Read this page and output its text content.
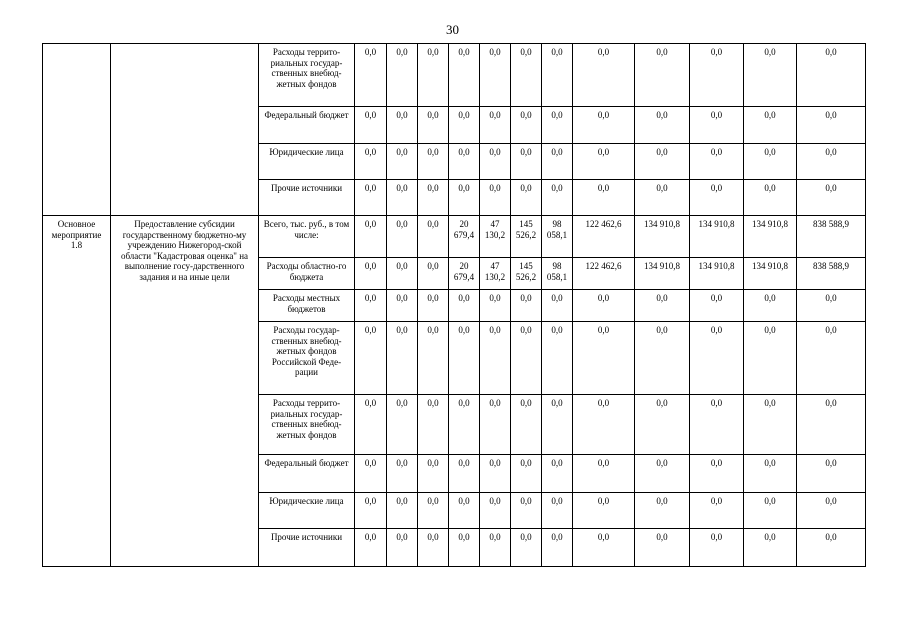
30
		Расходы террито-риальных государ-ственных внебюд-жетных фондов	0,0	0,0	0,0	0,0	0,0	0,0	0,0	0,0	0,0	0,0	0,0	0,0
		Федеральный бюджет	0,0	0,0	0,0	0,0	0,0	0,0	0,0	0,0	0,0	0,0	0,0	0,0
		Юридические лица	0,0	0,0	0,0	0,0	0,0	0,0	0,0	0,0	0,0	0,0	0,0	0,0
		Прочие источники	0,0	0,0	0,0	0,0	0,0	0,0	0,0	0,0	0,0	0,0	0,0	0,0
Основное мероприятие 1.8	Предоставление субсидии государственному бюджетно-му учреждению Нижегород-ской области "Кадастровая оценка" на выполнение госу-дарственного задания и на иные цели	Всего, тыс. руб., в том числе:	0,0	0,0	0,0	20 679,4	47 130,2	145 526,2	98 058,1	122 462,6	134 910,8	134 910,8	134 910,8	838 588,9
		Расходы областно-го бюджета	0,0	0,0	0,0	20 679,4	47 130,2	145 526,2	98 058,1	122 462,6	134 910,8	134 910,8	134 910,8	838 588,9
		Расходы местных бюджетов	0,0	0,0	0,0	0,0	0,0	0,0	0,0	0,0	0,0	0,0	0,0	0,0
		Расходы государ-ственных внебюд-жетных фондов Российской Феде-рации	0,0	0,0	0,0	0,0	0,0	0,0	0,0	0,0	0,0	0,0	0,0	0,0
		Расходы террито-риальных государ-ственных внебюд-жетных фондов	0,0	0,0	0,0	0,0	0,0	0,0	0,0	0,0	0,0	0,0	0,0	0,0
		Федеральный бюджет	0,0	0,0	0,0	0,0	0,0	0,0	0,0	0,0	0,0	0,0	0,0	0,0
		Юридические лица	0,0	0,0	0,0	0,0	0,0	0,0	0,0	0,0	0,0	0,0	0,0	0,0
		Прочие источники	0,0	0,0	0,0	0,0	0,0	0,0	0,0	0,0	0,0	0,0	0,0	0,0
